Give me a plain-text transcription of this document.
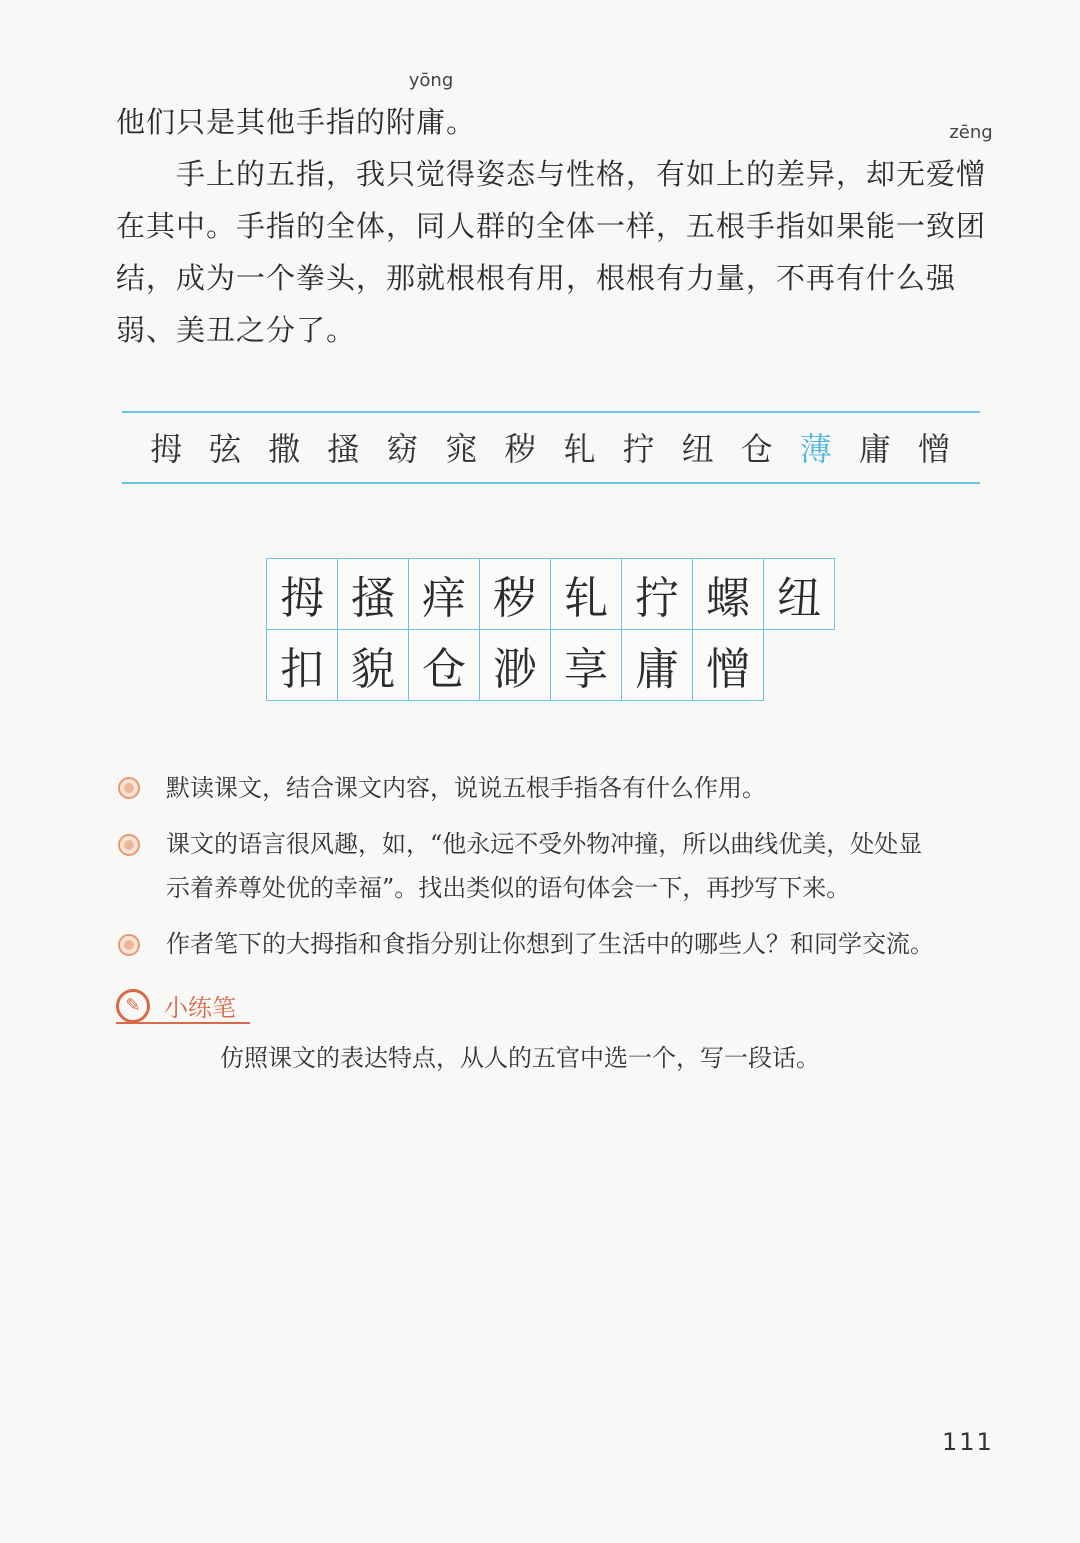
他们只是其他手指的附
yōng
庸。
手上的五指，我只觉得姿态与性格，有如上的差异，却无爱
zēng
憎
在其中。手指的全体，同人群的全体一样，五根手指如果能一致团
结，成为一个拳头，那就根根有用，根根有力量，不再有什么强
弱、美丑之分了。
拇 弦 撒 搔 窈 窕 秽 轧 拧 纽 仓 薄 庸 憎
拇 搔 痒 秽 轧 拧 螺 纽
扣 貌 仓 渺 享 庸 憎
默读课文，结合课文内容，说说五根手指各有什么作用。
课文的语言很风趣，如，“他永远不受外物冲撞，所以曲线优美，处处显
示着养尊处优的幸福”。找出类似的语句体会一下，再抄写下来。
作者笔下的大拇指和食指分别让你想到了生活中的哪些人？和同学交流。
✎ 小练笔
仿照课文的表达特点，从人的五官中选一个，写一段话。
111
